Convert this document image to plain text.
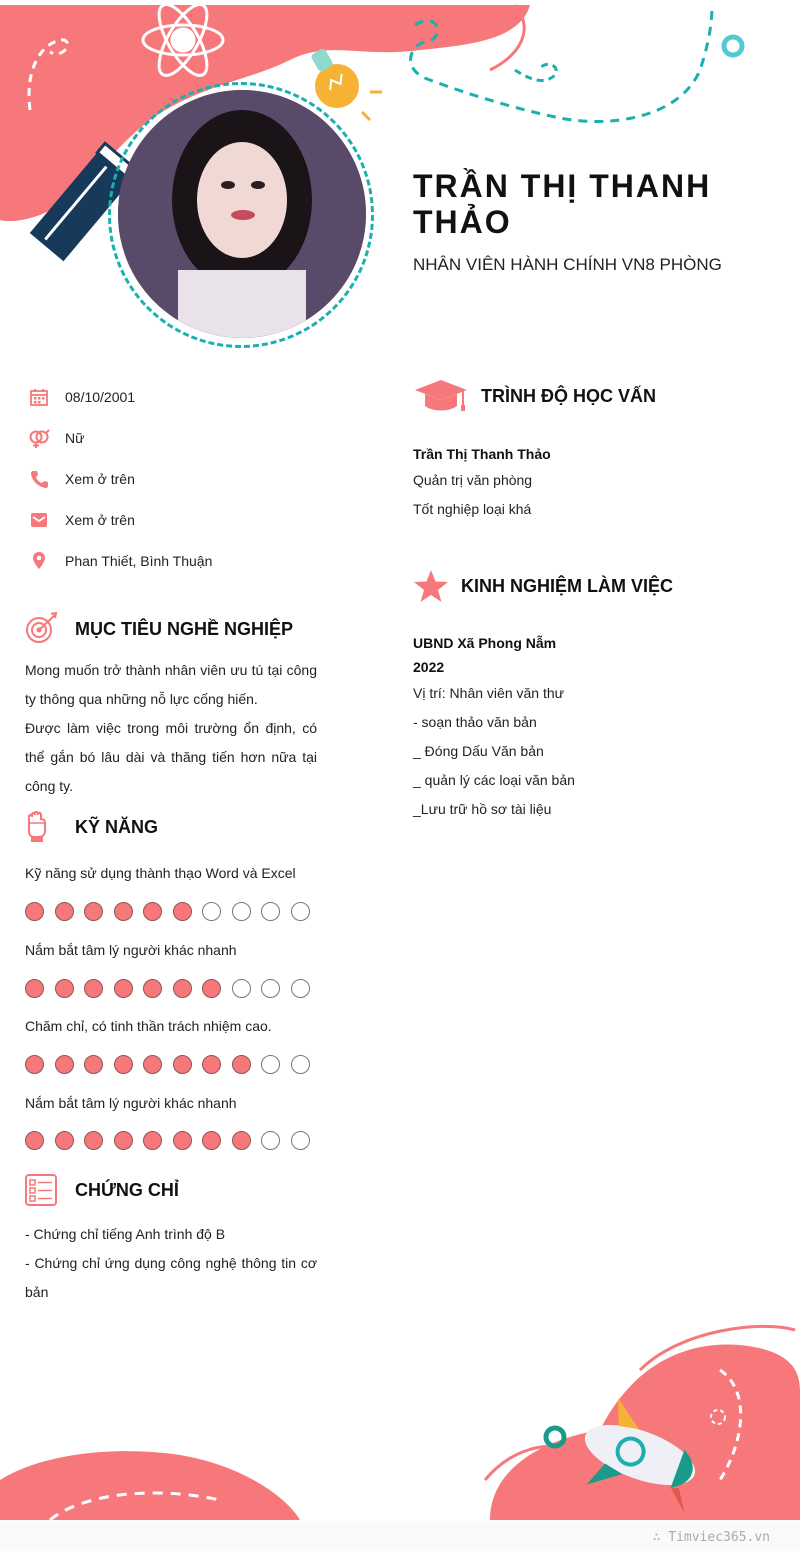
TRẦN THỊ THANH THẢO
NHÂN VIÊN HÀNH CHÍNH VN8 PHÒNG
08/10/2001
Nữ
Xem ở trên
Xem ở trên
Phan Thiết, Bình Thuận
MỤC TIÊU NGHỀ NGHIỆP
Mong muốn trở thành nhân viên ưu tú tại công ty thông qua những nỗ lực cống hiến.
Được làm việc trong môi trường ổn định, có thể gắn bó lâu dài và thăng tiến hơn nữa tại công ty.
KỸ NĂNG
Kỹ năng sử dụng thành thạo Word và Excel
Nắm bắt tâm lý người khác nhanh
Chăm chỉ, có tinh thần trách nhiệm cao.
Nắm bắt tâm lý người khác nhanh
CHỨNG CHỈ
- Chứng chỉ tiếng Anh trình độ B
- Chứng chỉ ứng dụng công nghệ thông tin cơ bản
TRÌNH ĐỘ HỌC VẤN
Trần Thị Thanh Thảo
Quản trị văn phòng
Tốt nghiệp loại khá
KINH NGHIỆM LÀM VIỆC
UBND Xã Phong Nẫm
2022
Vị trí: Nhân viên văn thư
- soạn thảo văn bản
_ Đóng Dấu Văn bản
_ quản lý các loại văn bản
_Lưu trữ hồ sơ tài liệu
∴ Timviec365.vn
